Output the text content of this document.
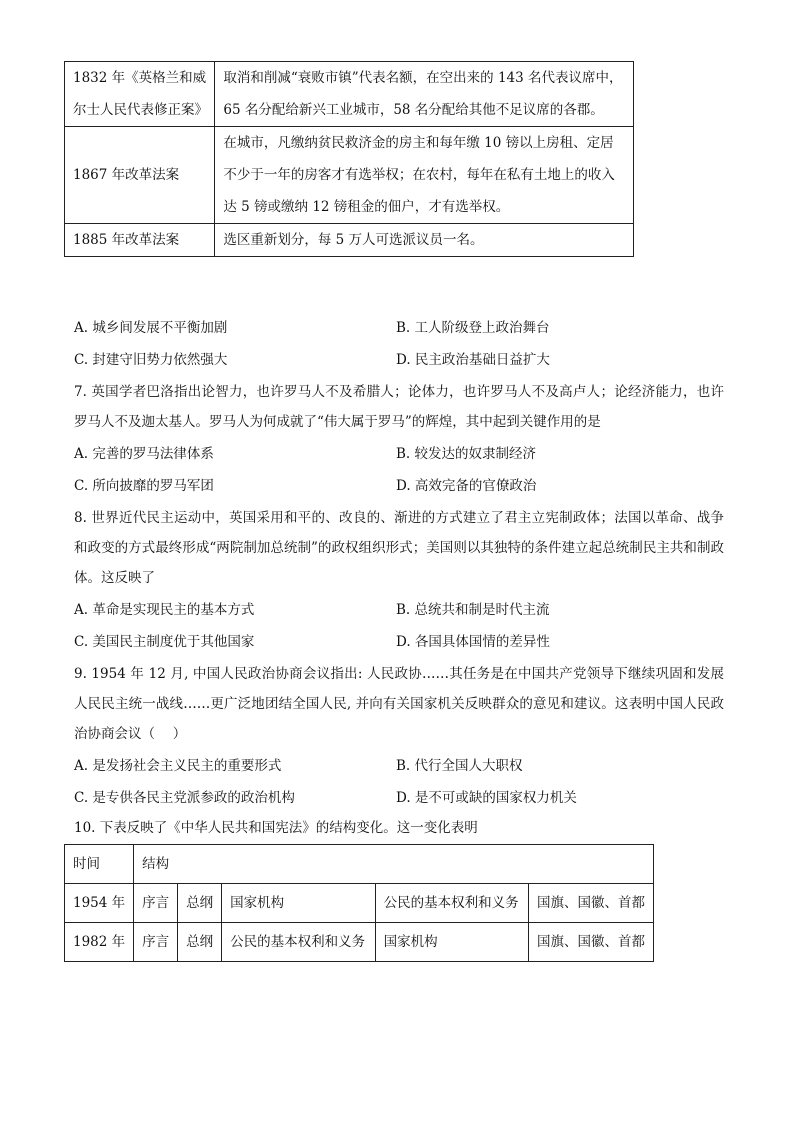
1832 年《英格兰和威尔士人民代表修正案》	取消和削减“衰败市镇”代表名额，在空出来的 143 名代表议席中，65 名分配给新兴工业城市，58 名分配给其他不足议席的各郡。
1867 年改革法案	在城市，凡缴纳贫民救济金的房主和每年缴 10 镑以上房租、定居不少于一年的房客才有选举权；在农村，每年在私有土地上的收入达 5 镑或缴纳 12 镑租金的佃户，才有选举权。
1885 年改革法案	选区重新划分，每 5 万人可选派议员一名。
A. 城乡间发展不平衡加剧	B. 工人阶级登上政治舞台
C. 封建守旧势力依然强大	D. 民主政治基础日益扩大
7. 英国学者巴洛指出论智力，也许罗马人不及希腊人；论体力，也许罗马人不及高卢人；论经济能力，也许罗马人不及迦太基人。罗马人为何成就了“伟大属于罗马”的辉煌，其中起到关键作用的是
A. 完善的罗马法律体系	B. 较发达的奴隶制经济
C. 所向披靡的罗马军团	D. 高效完备的官僚政治
8. 世界近代民主运动中，英国采用和平的、改良的、渐进的方式建立了君主立宪制政体；法国以革命、战争和政变的方式最终形成“两院制加总统制”的政权组织形式；美国则以其独特的条件建立起总统制民主共和制政体。这反映了
A. 革命是实现民主的基本方式	B. 总统共和制是时代主流
C. 美国民主制度优于其他国家	D. 各国具体国情的差异性
9. 1954 年 12 月, 中国人民政治协商会议指出: 人民政协……其任务是在中国共产党领导下继续巩固和发展人民民主统一战线……更广泛地团结全国人民, 并向有关国家机关反映群众的意见和建议。这表明中国人民政治协商会议（　 ）
A. 是发扬社会主义民主的重要形式	B. 代行全国人大职权
C. 是专供各民主党派参政的政治机构	D. 是不可或缺的国家权力机关
10. 下表反映了《中华人民共和国宪法》的结构变化。这一变化表明
时间	结构				
1954 年	序言	总纲	国家机构	公民的基本权利和义务	国旗、国徽、首都
1982 年	序言	总纲	公民的基本权利和义务	国家机构	国旗、国徽、首都
